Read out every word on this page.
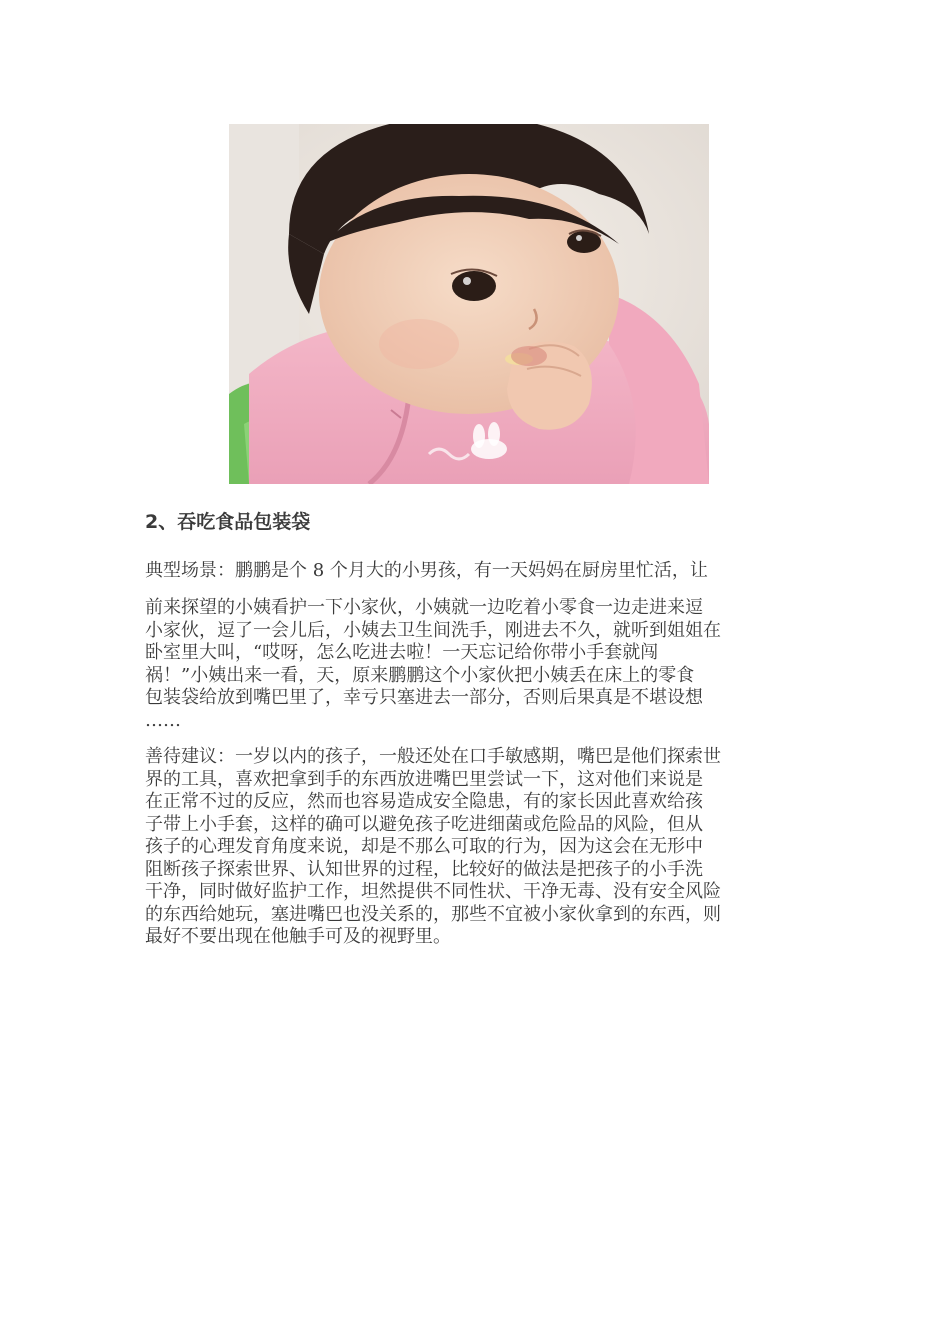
2、吞吃食品包装袋
典型场景：鹏鹏是个 8 个月大的小男孩，有一天妈妈在厨房里忙活，让
前来探望的小姨看护一下小家伙，小姨就一边吃着小零食一边走进来逗
小家伙，逗了一会儿后，小姨去卫生间洗手，刚进去不久，就听到姐姐在
卧室里大叫，“哎呀，怎么吃进去啦！一天忘记给你带小手套就闯
祸！”小姨出来一看，天，原来鹏鹏这个小家伙把小姨丢在床上的零食
包装袋给放到嘴巴里了，幸亏只塞进去一部分，否则后果真是不堪设想
……
善待建议：一岁以内的孩子，一般还处在口手敏感期，嘴巴是他们探索世
界的工具，喜欢把拿到手的东西放进嘴巴里尝试一下，这对他们来说是
在正常不过的反应，然而也容易造成安全隐患，有的家长因此喜欢给孩
子带上小手套，这样的确可以避免孩子吃进细菌或危险品的风险，但从
孩子的心理发育角度来说，却是不那么可取的行为，因为这会在无形中
阻断孩子探索世界、认知世界的过程，比较好的做法是把孩子的小手洗
干净，同时做好监护工作，坦然提供不同性状、干净无毒、没有安全风险
的东西给她玩，塞进嘴巴也没关系的，那些不宜被小家伙拿到的东西，则
最好不要出现在他触手可及的视野里。
